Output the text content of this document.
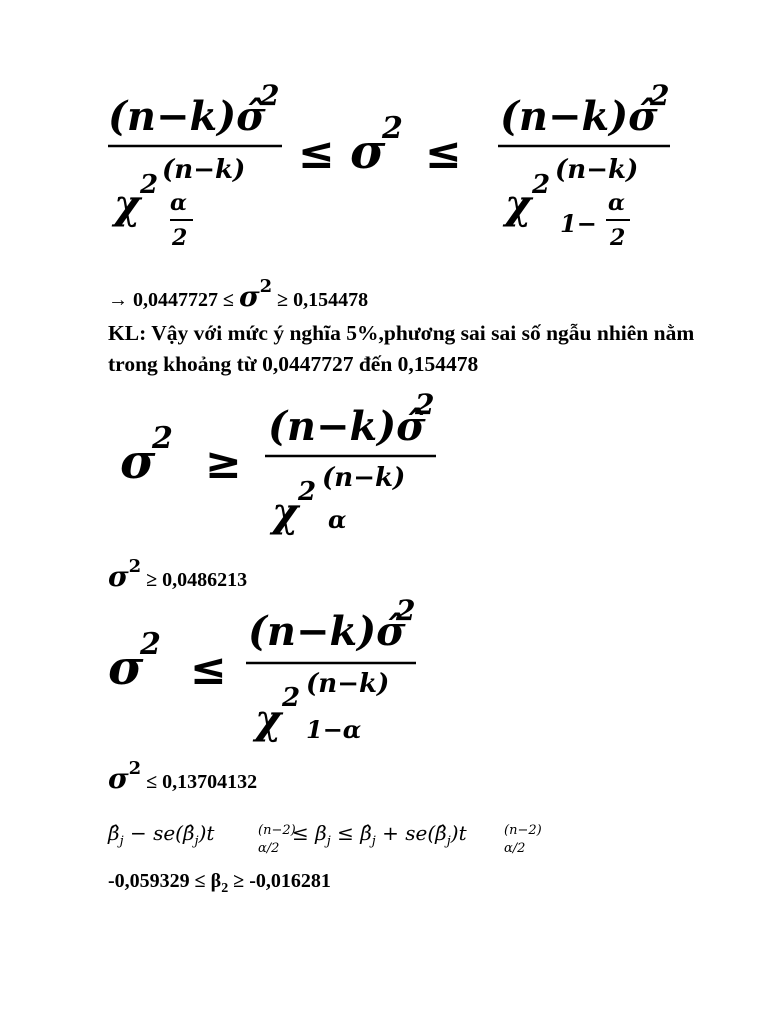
(n−k)σ̂
2
χ 2 (n−k)
α
2
≤ σ
2 ≤
(n−k)σ̂
2
χ 2 (n−k)
1−
α
2
→ $0,0447727 \le \sigma^2 \ge 0,154478$
KL: Vậy với mức ý nghĩa 5%,phương sai sai số ngẫu nhiên nằm trong khoảng từ 0,0447727 đến 0,154478
σ
2 ≥
(n−k)σ̂
2
χ 2 (n−k)
α
$\sigma^2 \ge 0,0486213$
σ
2 ≤
(n−k)σ̂
2
χ 2 (n−k)
1−α
$\sigma^2 \le 0,13704132$
$\betâ_j$ − $se(\betâ_j)t$	(n−2)
α/2
≤ $\beta_j$ ≤ $\betâ_j$ + $se(\betâ_j)t$	(n−2)
α/2
$-0,059329 \le \beta_2 \ge -0,016281$
